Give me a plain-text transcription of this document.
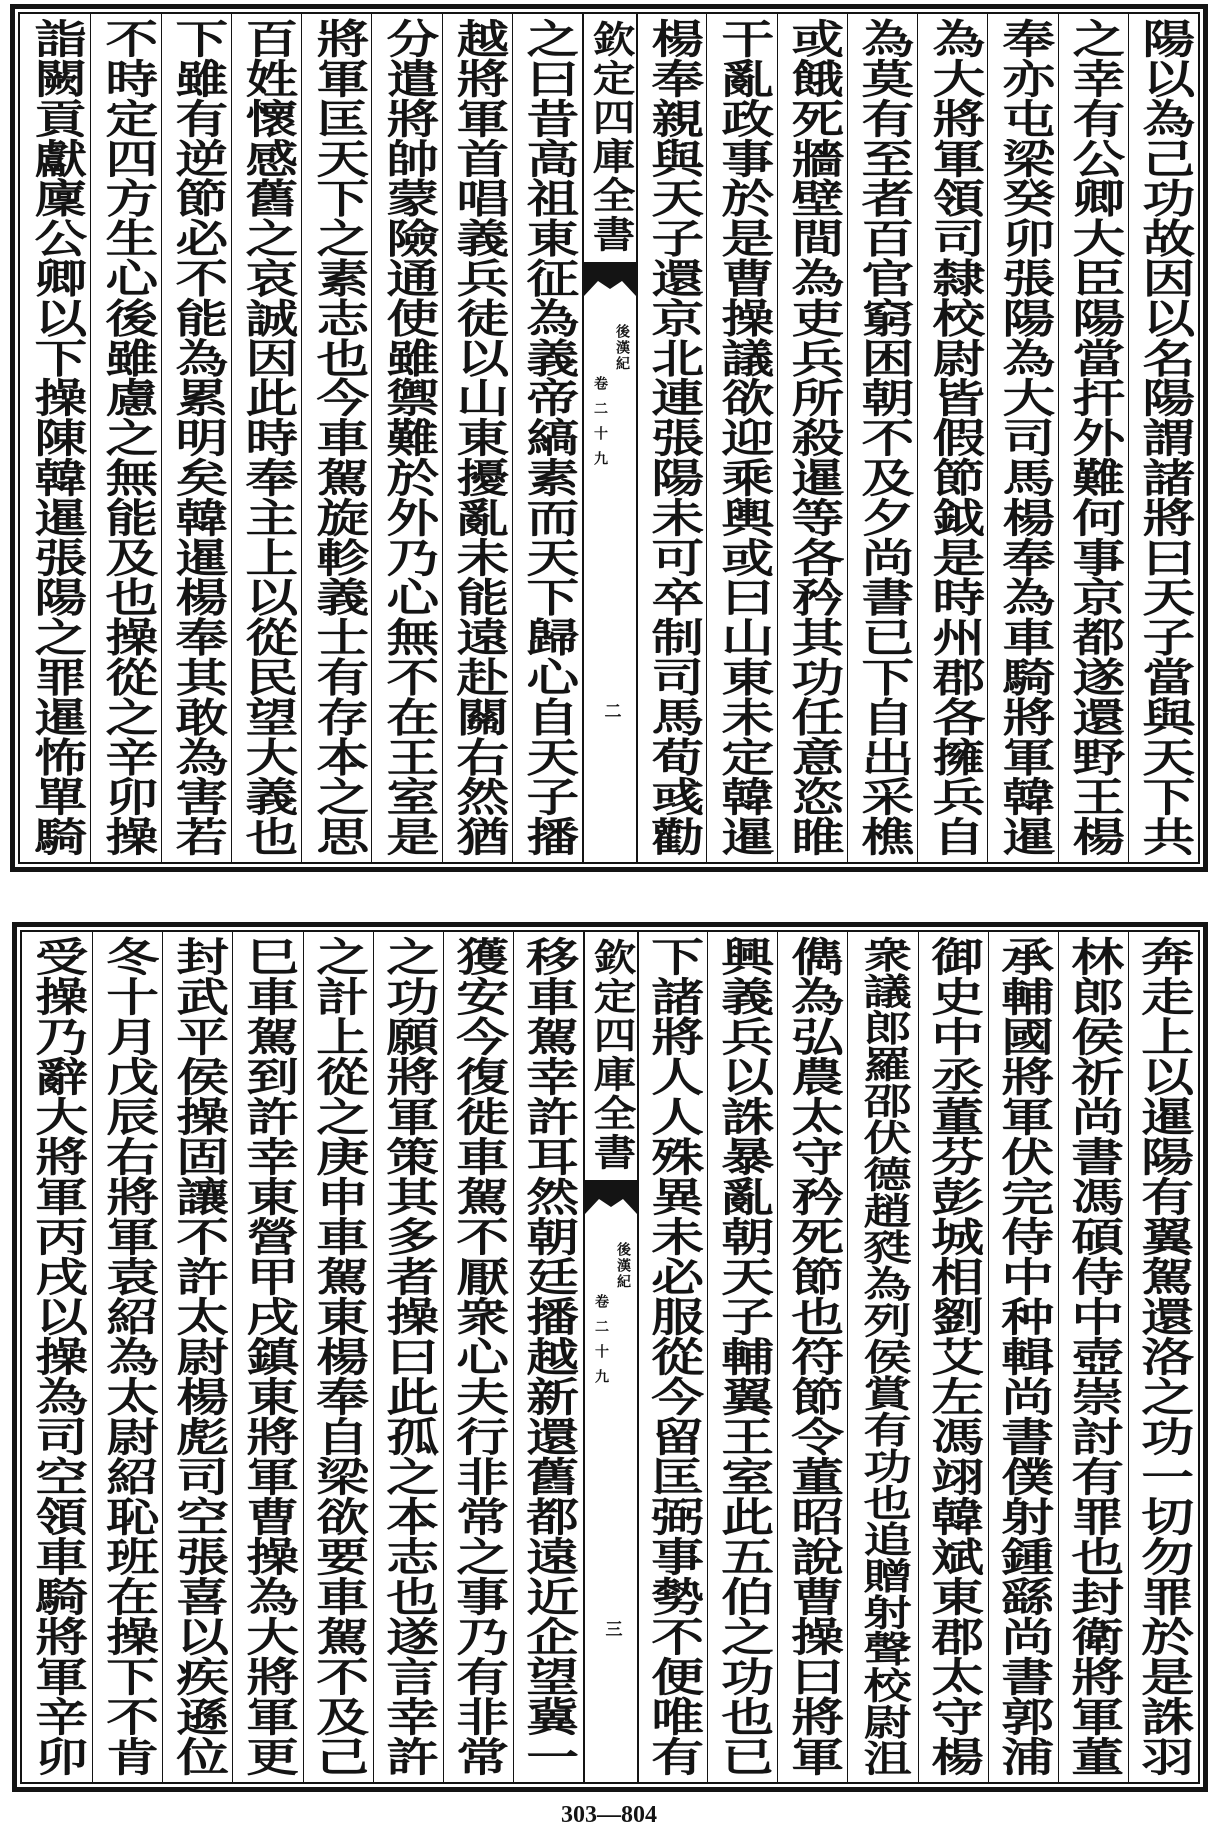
陽以為己功故因以名陽謂諸將曰天子當與天下共
之幸有公卿大臣陽當扞外難何事京都遂還野王楊
奉亦屯梁癸卯張陽為大司馬楊奉為車騎將軍韓暹
為大將軍領司隸校尉皆假節鉞是時州郡各擁兵自
為莫有至者百官窮困朝不及夕尚書已下自出采樵
或餓死牆壁間為吏兵所殺暹等各矜其功任意恣睢
干亂政事於是曹操議欲迎乘輿或曰山東未定韓暹
楊奉親與天子還京北連張陽未可卒制司馬荀彧勸
欽定四庫全書
後漢紀
卷二十九
二
之曰昔高祖東征為義帝縞素而天下歸心自天子播
越將軍首唱義兵徒以山東擾亂未能遠赴關右然猶
分遣將帥蒙險通使雖禦難於外乃心無不在王室是
將軍匡天下之素志也今車駕旋軫義士有存本之思
百姓懷感舊之哀誠因此時奉主上以從民望大義也
下雖有逆節必不能為累明矣韓暹楊奉其敢為害若
不時定四方生心後雖慮之無能及也操從之辛卯操
詣闕貢獻廩公卿以下操陳韓暹張陽之罪暹怖單騎
奔走上以暹陽有翼駕還洛之功一切勿罪於是誅羽
林郎侯祈尚書馮碩侍中壺崇討有罪也封衛將軍董
承輔國將軍伏完侍中种輯尚書僕射鍾繇尚書郭浦
御史中丞董芬彭城相劉艾左馮翊韓斌東郡太守楊
衆議郎羅邵伏德趙甤為列侯賞有功也追贈射聲校尉沮
儁為弘農太守矜死節也符節令董昭說曹操曰將軍
興義兵以誅暴亂朝天子輔翼王室此五伯之功也已
下諸將人人殊異未必服從今留匡弼事勢不便唯有
欽定四庫全書
後漢紀
卷二十九
三
移車駕幸許耳然朝廷播越新還舊都遠近企望冀一
獲安今復徙車駕不厭衆心夫行非常之事乃有非常
之功願將軍策其多者操曰此孤之本志也遂言幸許
之計上從之庚申車駕東楊奉自梁欲要車駕不及己
巳車駕到許幸東營甲戌鎮東將軍曹操為大將軍更
封武平侯操固讓不許太尉楊彪司空張喜以疾遜位
冬十月戊辰右將軍袁紹為太尉紹恥班在操下不肯
受操乃辭大將軍丙戌以操為司空領車騎將軍辛卯
303—804
